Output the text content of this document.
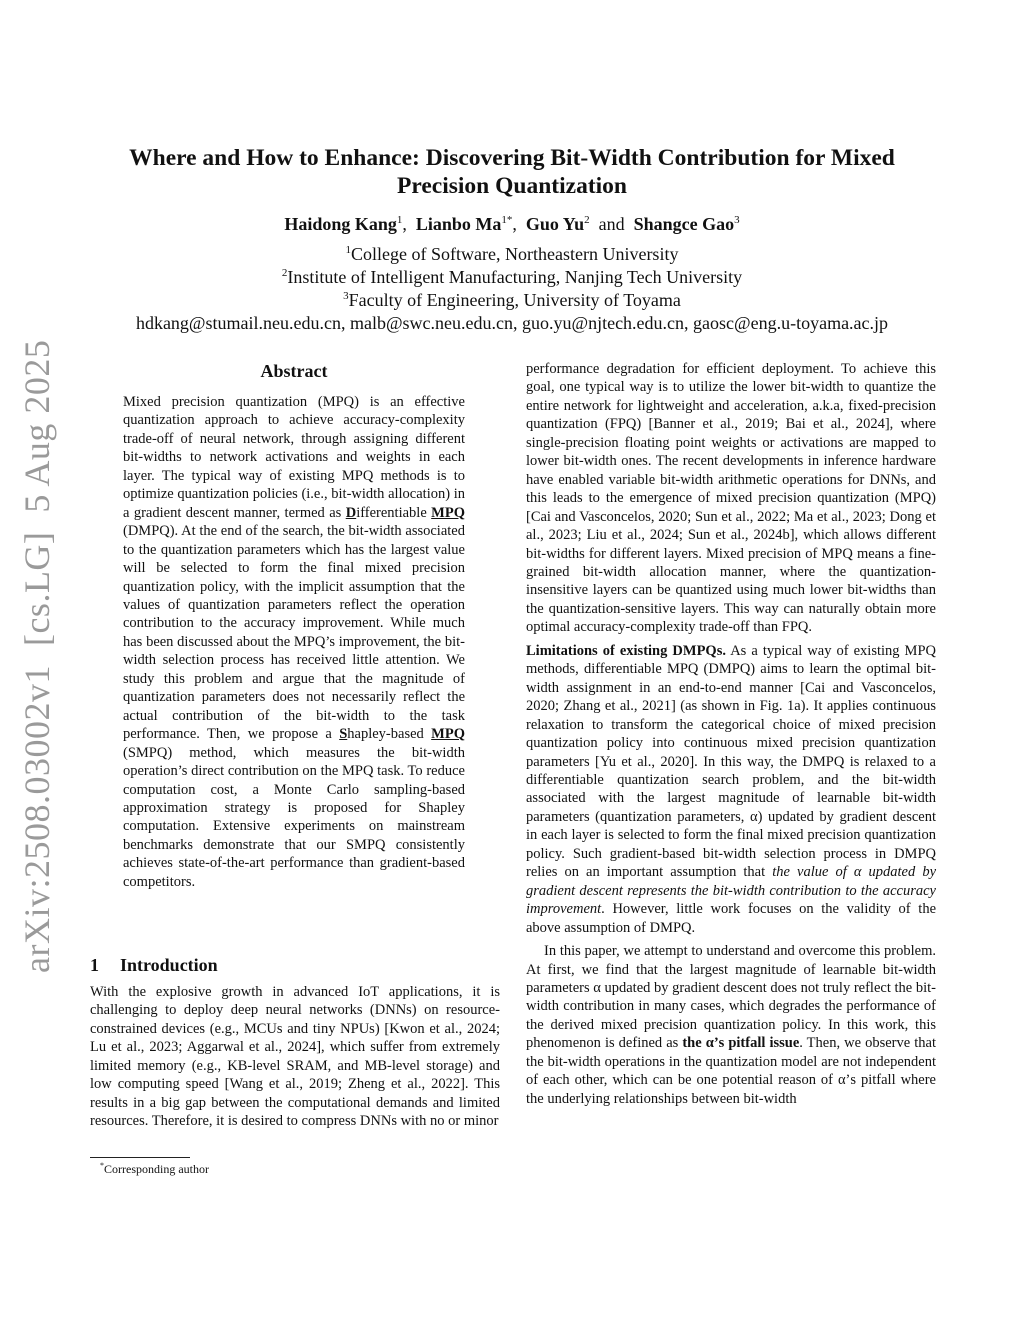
arXiv:2508.03002v1  [cs.LG]  5 Aug 2025
Where and How to Enhance: Discovering Bit-Width Contribution for Mixed Precision Quantization
Haidong Kang$^1$, Lianbo $Ma^{1*}$, Guo Yu$^2$ and Shangce Gao$^3$
$^1$College of Software, Northeastern University
$^2$Institute of Intelligent Manufacturing, Nanjing Tech University
$^3$Faculty of Engineering, University of Toyama
hdkang@stumail.neu.edu.cn, malb@swc.neu.edu.cn, guo.yu@njtech.edu.cn, gaosc@eng.u-toyama.ac.jp
Abstract
Mixed precision quantization (MPQ) is an effective quantization approach to achieve accuracy-complexity trade-off of neural network, through assigning different bit-widths to network activations and weights in each layer. The typical way of existing MPQ methods is to optimize quantization policies (i.e., bit-width allocation) in a gradient descent manner, termed as Differentiable MPQ (DMPQ). At the end of the search, the bit-width associated to the quantization parameters which has the largest value will be selected to form the final mixed precision quantization policy, with the implicit assumption that the values of quantization parameters reflect the operation contribution to the accuracy improvement. While much has been discussed about the MPQ’s improvement, the bit-width selection process has received little attention. We study this problem and argue that the magnitude of quantization parameters does not necessarily reflect the actual contribution of the bit-width to the task performance. Then, we propose a Shapley-based MPQ (SMPQ) method, which measures the bit-width operation’s direct contribution on the MPQ task. To reduce computation cost, a Monte Carlo sampling-based approximation strategy is proposed for Shapley computation. Extensive experiments on mainstream benchmarks demonstrate that our SMPQ consistently achieves state-of-the-art performance than gradient-based competitors.
1 Introduction
With the explosive growth in advanced IoT applications, it is challenging to deploy deep neural networks (DNNs) on resource-constrained devices (e.g., MCUs and tiny NPUs) [Kwon et al., 2024; Lu et al., 2023; Aggarwal et al., 2024], which suffer from extremely limited memory (e.g., KB-level SRAM, and MB-level storage) and low computing speed [Wang et al., 2019; Zheng et al., 2022]. This results in a big gap between the computational demands and limited resources. Therefore, it is desired to compress DNNs with no or minor
*Corresponding author

performance degradation for efficient deployment. To achieve this goal, one typical way is to utilize the lower bit-width to quantize the entire network for lightweight and acceleration, a.k.a, fixed-precision quantization (FPQ) [Banner et al., 2019; Bai et al., 2024], where single-precision floating point weights or activations are mapped to lower bit-width ones. The recent developments in inference hardware have enabled variable bit-width arithmetic operations for DNNs, and this leads to the emergence of mixed precision quantization (MPQ) [Cai and Vasconcelos, 2020; Sun et al., 2022; Ma et al., 2023; Dong et al., 2023; Liu et al., 2024; Sun et al., 2024b], which allows different bit-widths for different layers. Mixed precision of MPQ means a fine-grained bit-width allocation manner, where the quantization-insensitive layers can be quantized using much lower bit-widths than the quantization-sensitive layers. This way can naturally obtain more optimal accuracy-complexity trade-off than FPQ.

Limitations of existing DMPQs. As a typical way of existing MPQ methods, differentiable MPQ (DMPQ) aims to learn the optimal bit-width assignment in an end-to-end manner [Cai and Vasconcelos, 2020; Zhang et al., 2021] (as shown in Fig. 1a). It applies continuous relaxation to transform the categorical choice of mixed precision quantization policy into continuous mixed precision quantization parameters [Yu et al., 2020]. In this way, the DMPQ is relaxed to a differentiable quantization search problem, and the bit-width associated with the largest magnitude of learnable bit-width parameters (quantization parameters, α) updated by gradient descent in each layer is selected to form the final mixed precision quantization policy. Such gradient-based bit-width selection process in DMPQ relies on an important assumption that the value of α updated by gradient descent represents the bit-width contribution to the accuracy improvement. However, little work focuses on the validity of the above assumption of DMPQ.

In this paper, we attempt to understand and overcome this problem. At first, we find that the largest magnitude of learnable bit-width parameters α updated by gradient descent does not truly reflect the bit-width contribution in many cases, which degrades the performance of the derived mixed precision quantization policy. In this work, this phenomenon is defined as the α’s pitfall issue. Then, we observe that the bit-width operations in the quantization model are not independent of each other, which can be one potential reason of α’s pitfall where the underlying relationships between bit-width
